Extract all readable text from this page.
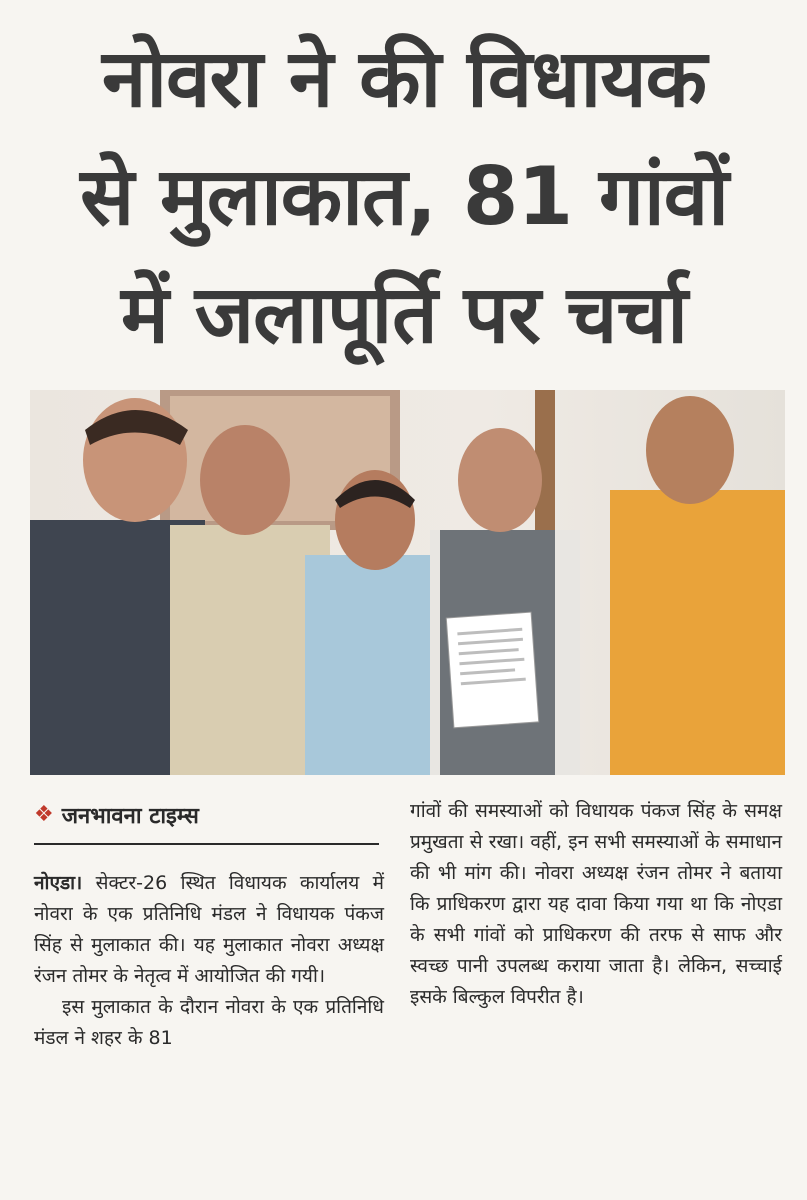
नोवरा ने की विधायक
से मुलाकात, 81 गांवों
में जलापूर्ति पर चर्चा
❖ जनभावना टाइम्स
नोएडा। सेक्टर-26 स्थित विधायक कार्यालय में नोवरा के एक प्रतिनिधि मंडल ने विधायक पंकज सिंह से मुलाकात की। यह मुलाकात नोवरा अध्यक्ष रंजन तोमर के नेतृत्व में आयोजित की गयी।
इस मुलाकात के दौरान नोवरा के एक प्रतिनिधि मंडल ने शहर के 81
गांवों की समस्याओं को विधायक पंकज सिंह के समक्ष प्रमुखता से रखा। वहीं, इन सभी समस्याओं के समाधान की भी मांग की। नोवरा अध्यक्ष रंजन तोमर ने बताया कि प्राधिकरण द्वारा यह दावा किया गया था कि नोएडा के सभी गांवों को प्राधिकरण की तरफ से साफ और स्वच्छ पानी उपलब्ध कराया जाता है। लेकिन, सच्चाई इसके बिल्कुल विपरीत है।
